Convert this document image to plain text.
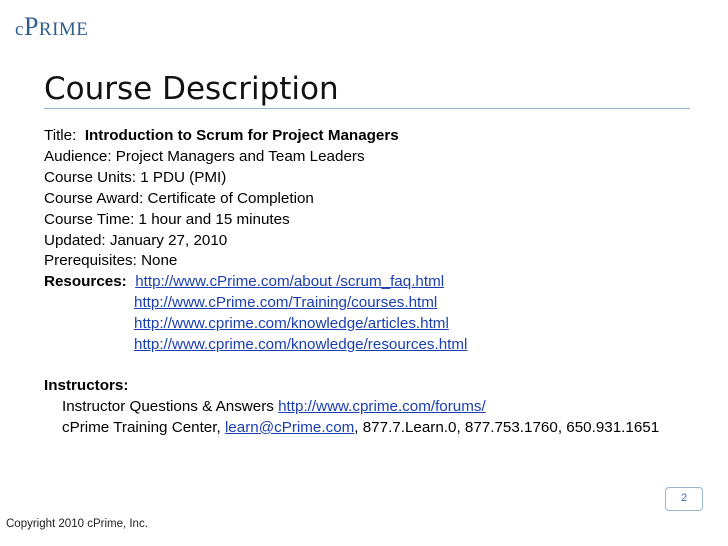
cPRIME
Course Description
Title: Introduction to Scrum for Project Managers
Audience: Project Managers and Team Leaders
Course Units: 1 PDU (PMI)
Course Award: Certificate of Completion
Course Time: 1 hour and 15 minutes
Updated: January 27, 2010
Prerequisites: None
Resources: http://www.cPrime.com/about /scrum_faq.html
http://www.cPrime.com/Training/courses.html
http://www.cprime.com/knowledge/articles.html
http://www.cprime.com/knowledge/resources.html
Instructors:
Instructor Questions & Answers http://www.cprime.com/forums/
cPrime Training Center, learn@cPrime.com, 877.7.Learn.0, 877.753.1760, 650.931.1651
Copyright 2010 cPrime, Inc.
2
